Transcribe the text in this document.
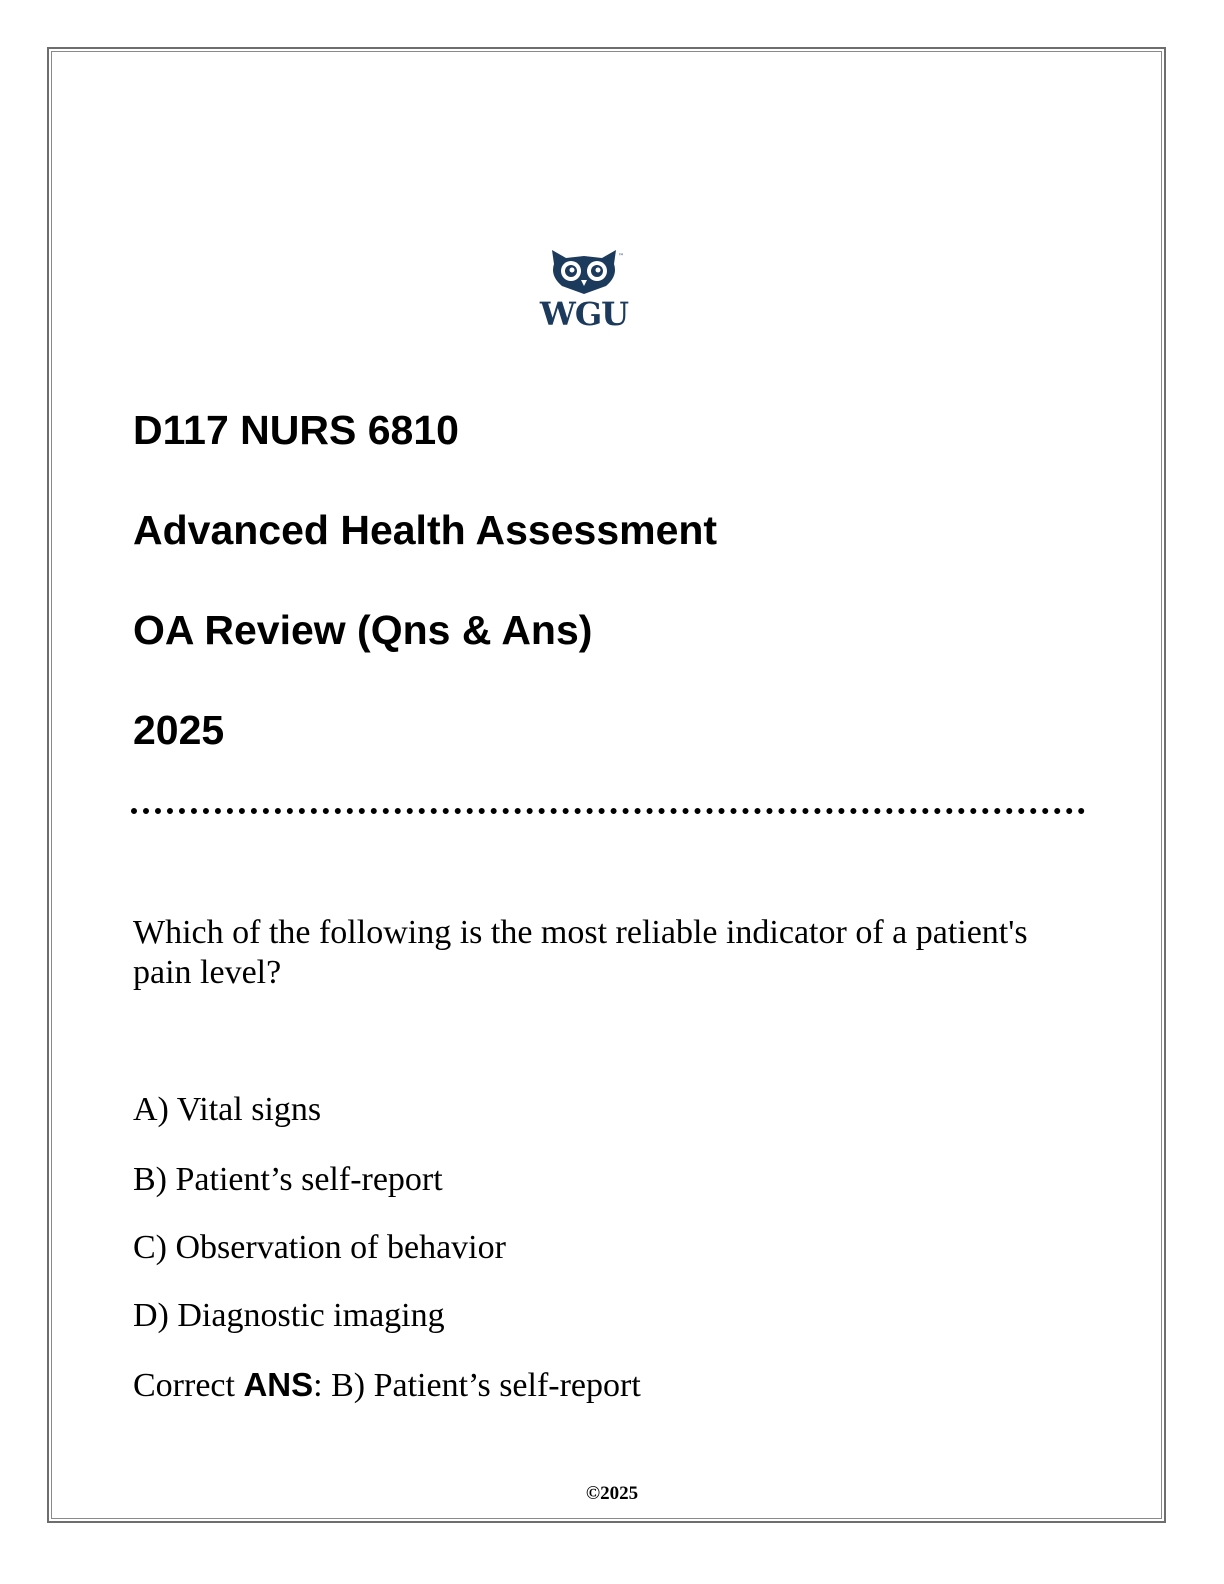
™
WGU
D117 NURS 6810
Advanced Health Assessment
OA Review (Qns & Ans)
2025
Which of the following is the most reliable indicator of a patient's pain level?
A) Vital signs
B) Patient’s self-report
C) Observation of behavior
D) Diagnostic imaging
Correct ANS: B) Patient’s self-report
©2025
